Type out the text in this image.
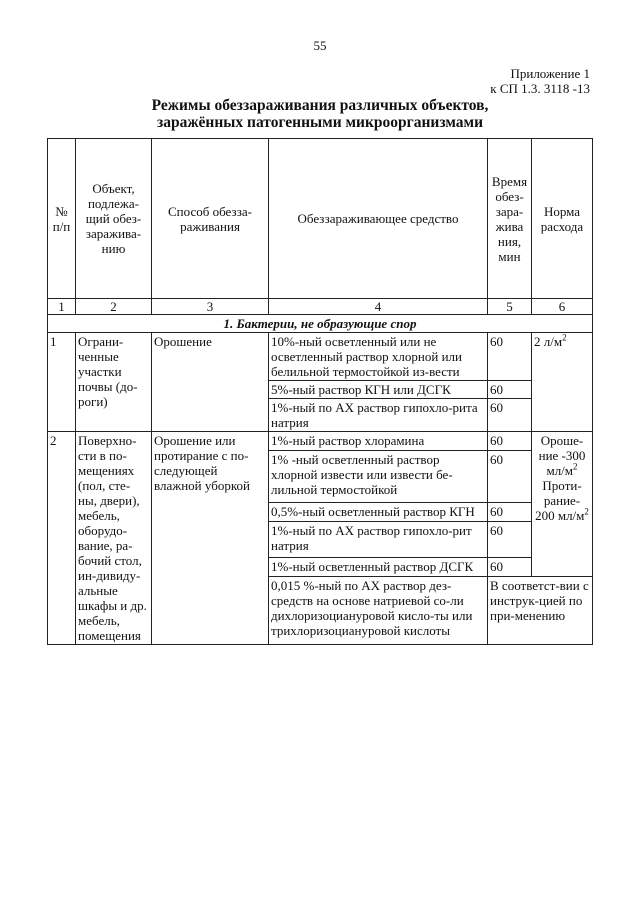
55
Приложение 1
к СП 1.3. 3118 -13
Режимы обеззараживания различных объектов,
заражённых патогенными микроорганизмами
№ п/п	Объект, подлежа-щий обез-заражива-нию	Способ обезза-раживания	Обеззараживающее средство	Время обез-зара-жива ния, мин	Норма расхода
1	2	3	4	5	6
1. Бактерии, не образующие спор					
1	Ограни-ченные участки почвы (до-роги)	Орошение	10%-ный осветленный или не осветленный раствор хлорной или белильной термостойкой из-вести	60	2 $л/м^2$
			5%-ный раствор КГН или ДСГК	60	
			1%-ный по АХ раствор гипохло-рита натрия	60	
2	Поверхно-сти в по-мещениях (пол, сте-ны, двери), мебель, оборудо-вание, ра-бочий стол, ин-дивиду-альные шкафы и др. мебель, помещения	Орошение или протирание с по-следующей влажной уборкой	1%-ный раствор хлорамина	60	Ороше-ние -300 $мл/м^2$ Прoти-рание- 200 $мл/м^2$
			1% -ный осветленный раствор хлорной извести или извести бе-лильной термостойкой	60	
			0,5%-ный осветленный раствор КГН	60	
			1%-ный по АХ раствор гипохло-рит натрия	60	
			1%-ный осветленный раствор ДСГК	60	
			0,015 %-ный по АХ раствор дез-средств на основе натриевой со-ли дихлоризоциануровой кисло-ты или трихлоризоциануровой кислоты	В соответст-вии с инструк-цией по при-менению	
